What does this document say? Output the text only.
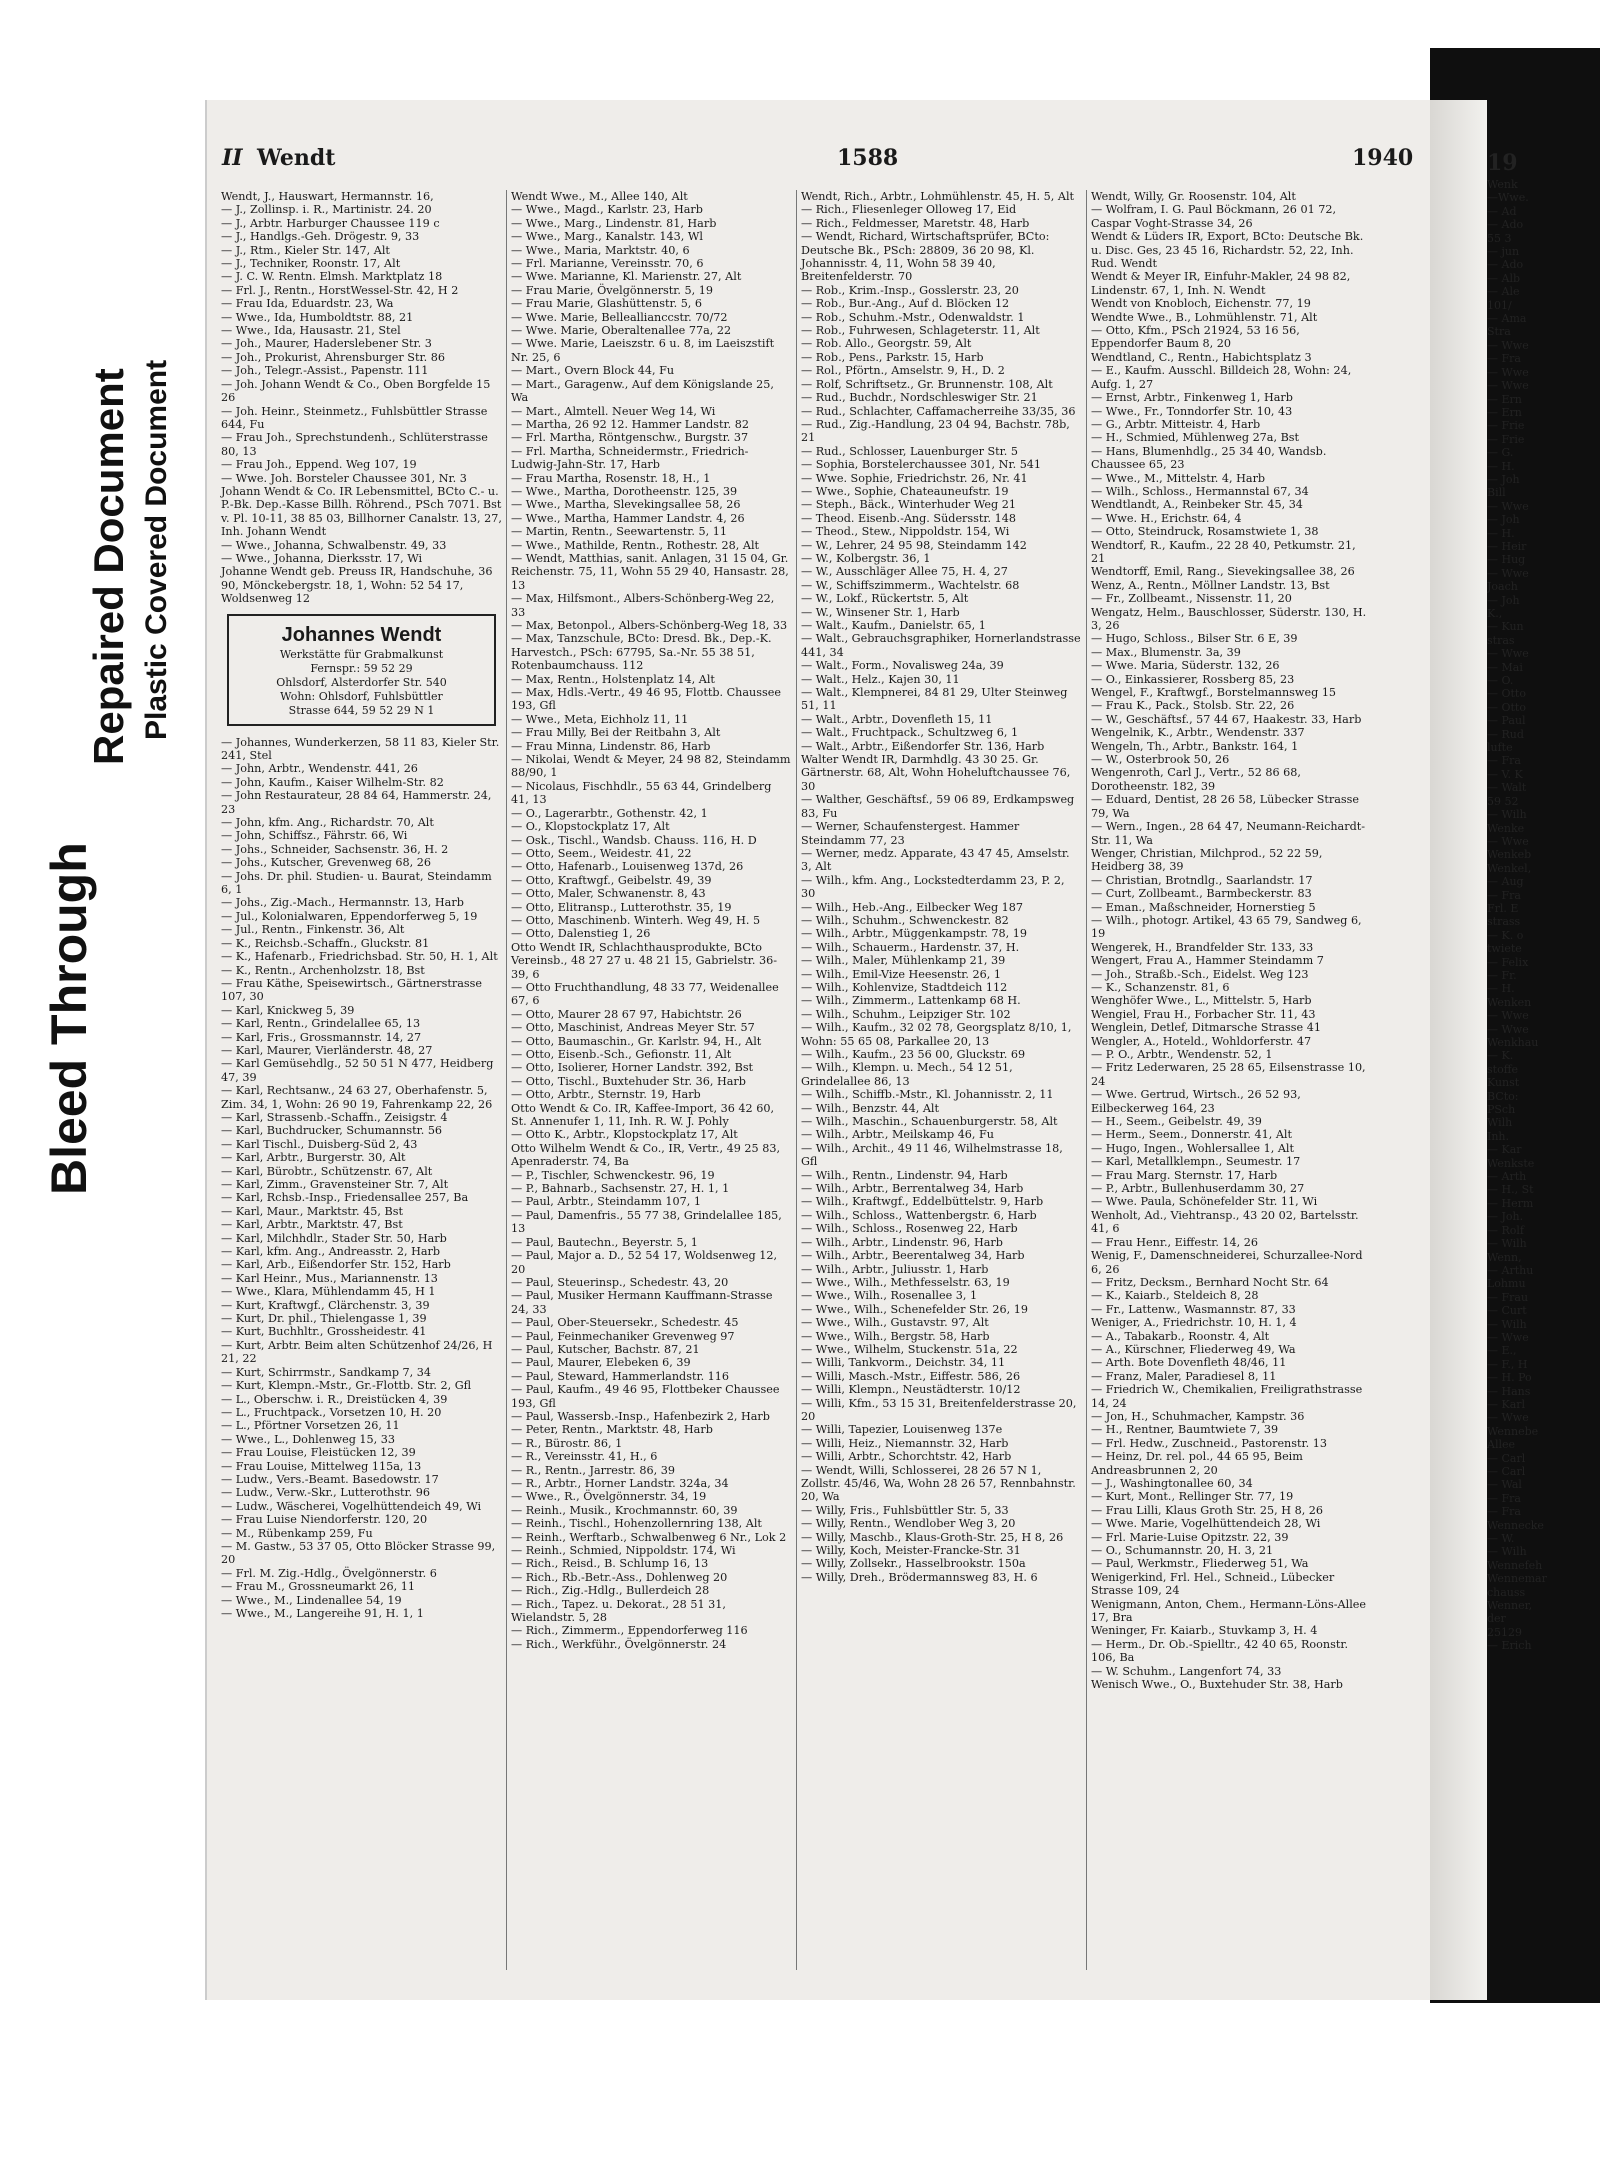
Bleed Through
Repaired Document Plastic Covered Document
II Wendt	1588	1940
Wendt, J., Hauswart, Hermannstr. 16,
— J., Zollinsp. i. R., Martinistr. 24. 20
— J., Arbtr. Harburger Chaussee 119 c
— J., Handlgs.-Geh. Drögestr. 9, 33
— J., Rtm., Kieler Str. 147, Alt
— J., Techniker, Roonstr. 17, Alt
— J. C. W. Rentn. Elmsh. Marktplatz 18
— Frl. J., Rentn., HorstWessel-Str. 42, H 2
— Frau Ida, Eduardstr. 23, Wa
— Wwe., Ida, Humboldtstr. 88, 21
— Wwe., Ida, Hausastr. 21, Stel
— Joh., Maurer, Haderslebener Str. 3
— Joh., Prokurist, Ahrensburger Str. 86
— Joh., Telegr.-Assist., Papenstr. 111
— Joh. Johann Wendt & Co., Oben Borgfelde 15 26
— Joh. Heinr., Steinmetz., Fuhlsbüttler Strasse 644, Fu
— Frau Joh., Sprechstundenh., Schlüterstrasse 80, 13
— Frau Joh., Eppend. Weg 107, 19
— Wwe. Joh. Borsteler Chaussee 301, Nr. 3
Johann Wendt & Co. IR Lebensmittel, BCto C.- u. P.-Bk. Dep.-Kasse Billh. Röhrend., PSch 7071. Bst v. Pl. 10-11, 38 85 03, Billhorner Canalstr. 13, 27, Inh. Johann Wendt
— Wwe., Johanna, Schwalbenstr. 49, 33
— Wwe., Johanna, Dierksstr. 17, Wi
Johanne Wendt geb. Preuss IR, Handschuhe, 36 90, Mönckebergstr. 18, 1, Wohn: 52 54 17, Woldsenweg 12
Johannes Wendt
Werkstätte für Grabmalkunst
Fernspr.: 59 52 29
Ohlsdorf, Alsterdorfer Str. 540
Wohn: Ohlsdorf, Fuhlsbüttler
Strasse 644, 59 52 29 N 1
— Johannes, Wunderkerzen, 58 11 83, Kieler Str. 241, Stel
— John, Arbtr., Wendenstr. 441, 26
— John, Kaufm., Kaiser Wilhelm-Str. 82
— John Restaurateur, 28 84 64, Hammerstr. 24, 23
— John, kfm. Ang., Richardstr. 70, Alt
— John, Schiffsz., Fährstr. 66, Wi
— Johs., Schneider, Sachsenstr. 36, H. 2
— Johs., Kutscher, Grevenweg 68, 26
— Johs. Dr. phil. Studien- u. Baurat, Steindamm 6, 1
— Johs., Zig.-Mach., Hermannstr. 13, Harb
— Jul., Kolonialwaren, Eppendorferweg 5, 19
— Jul., Rentn., Finkenstr. 36, Alt
— K., Reichsb.-Schaffn., Gluckstr. 81
— K., Hafenarb., Friedrichsbad. Str. 50, H. 1, Alt
— K., Rentn., Archenholzstr. 18, Bst
— Frau Käthe, Speisewirtsch., Gärtnerstrasse 107, 30
— Karl, Knickweg 5, 39
— Karl, Rentn., Grindelallee 65, 13
— Karl, Fris., Grossmannstr. 14, 27
— Karl, Maurer, Vierländerstr. 48, 27
— Karl Gemüsehdlg., 52 50 51 N 477, Heidberg 47, 39
— Karl, Rechtsanw., 24 63 27, Oberhafenstr. 5, Zim. 34, 1, Wohn: 26 90 19, Fahrenkamp 22, 26
— Karl, Strassenb.-Schaffn., Zeisigstr. 4
— Karl, Buchdrucker, Schumannstr. 56
— Karl Tischl., Duisberg-Süd 2, 43
— Karl, Arbtr., Burgerstr. 30, Alt
— Karl, Bürobtr., Schützenstr. 67, Alt
— Karl, Zimm., Gravensteiner Str. 7, Alt
— Karl, Rchsb.-Insp., Friedensallee 257, Ba
— Karl, Maur., Marktstr. 45, Bst
— Karl, Arbtr., Marktstr. 47, Bst
— Karl, Milchhdlr., Stader Str. 50, Harb
— Karl, kfm. Ang., Andreasstr. 2, Harb
— Karl, Arb., Eißendorfer Str. 152, Harb
— Karl Heinr., Mus., Mariannenstr. 13
— Wwe., Klara, Mühlendamm 45, H 1
— Kurt, Kraftwgf., Clärchenstr. 3, 39
— Kurt, Dr. phil., Thielengasse 1, 39
— Kurt, Buchhltr., Grossheidestr. 41
— Kurt, Arbtr. Beim alten Schützenhof 24/26, H 21, 22
— Kurt, Schirrmstr., Sandkamp 7, 34
— Kurt, Klempn.-Mstr., Gr.-Flottb. Str. 2, Gfl
— L., Oberschw. i. R., Dreistücken 4, 39
— L., Fruchtpack., Vorsetzen 10, H. 20
— L., Pförtner Vorsetzen 26, 11
— Wwe., L., Dohlenweg 15, 33
— Frau Louise, Fleistücken 12, 39
— Frau Louise, Mittelweg 115a, 13
— Ludw., Vers.-Beamt. Basedowstr. 17
— Ludw., Verw.-Skr., Lutterothstr. 96
— Ludw., Wäscherei, Vogelhüttendeich 49, Wi
— Frau Luise Niendorferstr. 120, 20
— M., Rübenkamp 259, Fu
— M. Gastw., 53 37 05, Otto Blöcker Strasse 99, 20
— Frl. M. Zig.-Hdlg., Övelgönnerstr. 6
— Frau M., Grossneumarkt 26, 11
— Wwe., M., Lindenallee 54, 19
— Wwe., M., Langereihe 91, H. 1, 1
Wendt Wwe., M., Allee 140, Alt
— Wwe., Magd., Karlstr. 23, Harb
— Wwe., Marg., Lindenstr. 81, Harb
— Wwe., Marg., Kanalstr. 143, Wl
— Wwe., Maria, Marktstr. 40, 6
— Frl. Marianne, Vereinsstr. 70, 6
— Wwe. Marianne, Kl. Marienstr. 27, Alt
— Frau Marie, Övelgönnerstr. 5, 19
— Frau Marie, Glashüttenstr. 5, 6
— Wwe. Marie, Belleallianccstr. 70/72
— Wwe. Marie, Oberaltenallee 77a, 22
— Wwe. Marie, Laeiszstr. 6 u. 8, im Laeiszstift Nr. 25, 6
— Mart., Overn Block 44, Fu
— Mart., Garagenw., Auf dem Königslande 25, Wa
— Mart., Almtell. Neuer Weg 14, Wi
— Martha, 26 92 12. Hammer Landstr. 82
— Frl. Martha, Röntgenschw., Burgstr. 37
— Frl. Martha, Schneidermstr., Friedrich-Ludwig-Jahn-Str. 17, Harb
— Frau Martha, Rosenstr. 18, H., 1
— Wwe., Martha, Dorotheenstr. 125, 39
— Wwe., Martha, Slevekingsallee 58, 26
— Wwe., Martha, Hammer Landstr. 4, 26
— Martin, Rentn., Seewartenstr. 5, 11
— Wwe., Mathilde, Rentn., Rothestr. 28, Alt
— Wendt, Matthias, sanit. Anlagen, 31 15 04, Gr. Reichenstr. 75, 11, Wohn 55 29 40, Hansastr. 28, 13
— Max, Hilfsmont., Albers-Schönberg-Weg 22, 33
— Max, Betonpol., Albers-Schönberg-Weg 18, 33
— Max, Tanzschule, BCto: Dresd. Bk., Dep.-K. Harvestch., PSch: 67795, Sa.-Nr. 55 38 51, Rotenbaumchauss. 112
— Max, Rentn., Holstenplatz 14, Alt
— Max, Hdls.-Vertr., 49 46 95, Flottb. Chaussee 193, Gfl
— Wwe., Meta, Eichholz 11, 11
— Frau Milly, Bei der Reitbahn 3, Alt
— Frau Minna, Lindenstr. 86, Harb
— Nikolai, Wendt & Meyer, 24 98 82, Steindamm 88/90, 1
— Nicolaus, Fischhdlr., 55 63 44, Grindelberg 41, 13
— O., Lagerarbtr., Gothenstr. 42, 1
— O., Klopstockplatz 17, Alt
— Osk., Tischl., Wandsb. Chauss. 116, H. D
— Otto, Seem., Weidestr. 41, 22
— Otto, Hafenarb., Louisenweg 137d, 26
— Otto, Kraftwgf., Geibelstr. 49, 39
— Otto, Maler, Schwanenstr. 8, 43
— Otto, Elitransp., Lutterothstr. 35, 19
— Otto, Maschinenb. Winterh. Weg 49, H. 5
— Otto, Dalenstieg 1, 26
Otto Wendt IR, Schlachthausprodukte, BCto Vereinsb., 48 27 27 u. 48 21 15, Gabrielstr. 36-39, 6
— Otto Fruchthandlung, 48 33 77, Weidenallee 67, 6
— Otto, Maurer 28 67 97, Habichtstr. 26
— Otto, Maschinist, Andreas Meyer Str. 57
— Otto, Baumaschin., Gr. Karlstr. 94, H., Alt
— Otto, Eisenb.-Sch., Gefionstr. 11, Alt
— Otto, Isolierer, Horner Landstr. 392, Bst
— Otto, Tischl., Buxtehuder Str. 36, Harb
— Otto, Arbtr., Sternstr. 19, Harb
Otto Wendt & Co. IR, Kaffee-Import, 36 42 60, St. Annenufer 1, 11, Inh. R. W. J. Pohly
— Otto K., Arbtr., Klopstockplatz 17, Alt
Otto Wilhelm Wendt & Co., IR, Vertr., 49 25 83, Apenraderstr. 74, Ba
— P., Tischler, Schwenckestr. 96, 19
— P., Bahnarb., Sachsenstr. 27, H. 1, 1
— Paul, Arbtr., Steindamm 107, 1
— Paul, Damenfris., 55 77 38, Grindelallee 185, 13
— Paul, Bautechn., Beyerstr. 5, 1
— Paul, Major a. D., 52 54 17, Woldsenweg 12, 20
— Paul, Steuerinsp., Schedestr. 43, 20
— Paul, Musiker Hermann Kauffmann-Strasse 24, 33
— Paul, Ober-Steuersekr., Schedestr. 45
— Paul, Feinmechaniker Grevenweg 97
— Paul, Kutscher, Bachstr. 87, 21
— Paul, Maurer, Elebeken 6, 39
— Paul, Steward, Hammerlandstr. 116
— Paul, Kaufm., 49 46 95, Flottbeker Chaussee 193, Gfl
— Paul, Wassersb.-Insp., Hafenbezirk 2, Harb
— Peter, Rentn., Marktstr. 48, Harb
— R., Bürostr. 86, 1
— R., Vereinsstr. 41, H., 6
— R., Rentn., Jarrestr. 86, 39
— R., Arbtr., Horner Landstr. 324a, 34
— Wwe., R., Övelgönnerstr. 34, 19
— Reinh., Musik., Krochmannstr. 60, 39
— Reinh., Tischl., Hohenzollernring 138, Alt
— Reinh., Werftarb., Schwalbenweg 6 Nr., Lok 2
— Reinh., Schmied, Nippoldstr. 174, Wi
— Rich., Reisd., B. Schlump 16, 13
— Rich., Rb.-Betr.-Ass., Dohlenweg 20
— Rich., Zig.-Hdlg., Bullerdeich 28
— Rich., Tapez. u. Dekorat., 28 51 31, Wielandstr. 5, 28
— Rich., Zimmerm., Eppendorferweg 116
— Rich., Werkführ., Övelgönnerstr. 24
Wendt, Rich., Arbtr., Lohmühlenstr. 45, H. 5, Alt
— Rich., Fliesenleger Olloweg 17, Eid
— Rich., Feldmesser, Maretstr. 48, Harb
— Wendt, Richard, Wirtschaftsprüfer, BCto: Deutsche Bk., PSch: 28809, 36 20 98, Kl. Johannisstr. 4, 11, Wohn 58 39 40, Breitenfelderstr. 70
— Rob., Krim.-Insp., Gosslerstr. 23, 20
— Rob., Bur.-Ang., Auf d. Blöcken 12
— Rob., Schuhm.-Mstr., Odenwaldstr. 1
— Rob., Fuhrwesen, Schlageterstr. 11, Alt
— Rob. Allo., Georgstr. 59, Alt
— Rob., Pens., Parkstr. 15, Harb
— Rol., Pförtn., Amselstr. 9, H., D. 2
— Rolf, Schriftsetz., Gr. Brunnenstr. 108, Alt
— Rud., Buchdr., Nordschleswiger Str. 21
— Rud., Schlachter, Caffamacherreihe 33/35, 36
— Rud., Zig.-Handlung, 23 04 94, Bachstr. 78b, 21
— Rud., Schlosser, Lauenburger Str. 5
— Sophia, Borstelerchaussee 301, Nr. 541
— Wwe. Sophie, Friedrichstr. 26, Nr. 41
— Wwe., Sophie, Chateauneufstr. 19
— Steph., Bäck., Winterhuder Weg 21
— Theod. Eisenb.-Ang. Südersstr. 148
— Theod., Stew., Nippoldstr. 154, Wi
— W., Lehrer, 24 95 98, Steindamm 142
— W., Kolbergstr. 36, 1
— W., Ausschläger Allee 75, H. 4, 27
— W., Schiffszimmerm., Wachtelstr. 68
— W., Lokf., Rückertstr. 5, Alt
— W., Winsener Str. 1, Harb
— Walt., Kaufm., Danielstr. 65, 1
— Walt., Gebrauchsgraphiker, Hornerlandstrasse 441, 34
— Walt., Form., Novalisweg 24a, 39
— Walt., Helz., Kajen 30, 11
— Walt., Klempnerei, 84 81 29, Ulter Steinweg 51, 11
— Walt., Arbtr., Dovenfleth 15, 11
— Walt., Fruchtpack., Schultzweg 6, 1
— Walt., Arbtr., Eißendorfer Str. 136, Harb
Walter Wendt IR, Darmhdlg. 43 30 25. Gr. Gärtnerstr. 68, Alt, Wohn Hoheluftchaussee 76, 30
— Walther, Geschäftsf., 59 06 89, Erdkampsweg 83, Fu
— Werner, Schaufenstergest. Hammer Steindamm 77, 23
— Werner, medz. Apparate, 43 47 45, Amselstr. 3, Alt
— Wilh., kfm. Ang., Lockstedterdamm 23, P. 2, 30
— Wilh., Heb.-Ang., Eilbecker Weg 187
— Wilh., Schuhm., Schwenckestr. 82
— Wilh., Arbtr., Müggenkampstr. 78, 19
— Wilh., Schauerm., Hardenstr. 37, H.
— Wilh., Maler, Mühlenkamp 21, 39
— Wilh., Emil-Vize Heesenstr. 26, 1
— Wilh., Kohlenvize, Stadtdeich 112
— Wilh., Zimmerm., Lattenkamp 68 H.
— Wilh., Schuhm., Leipziger Str. 102
— Wilh., Kaufm., 32 02 78, Georgsplatz 8/10, 1, Wohn: 55 65 08, Parkallee 20, 13
— Wilh., Kaufm., 23 56 00, Gluckstr. 69
— Wilh., Klempn. u. Mech., 54 12 51, Grindelallee 86, 13
— Wilh., Schiffb.-Mstr., Kl. Johannisstr. 2, 11
— Wilh., Benzstr. 44, Alt
— Wilh., Maschin., Schauenburgerstr. 58, Alt
— Wilh., Arbtr., Meilskamp 46, Fu
— Wilh., Archit., 49 11 46, Wilhelmstrasse 18, Gfl
— Wilh., Rentn., Lindenstr. 94, Harb
— Wilh., Arbtr., Berrentalweg 34, Harb
— Wilh., Kraftwgf., Eddelbüttelstr. 9, Harb
— Wilh., Schloss., Wattenbergstr. 6, Harb
— Wilh., Schloss., Rosenweg 22, Harb
— Wilh., Arbtr., Lindenstr. 96, Harb
— Wilh., Arbtr., Beerentalweg 34, Harb
— Wilh., Arbtr., Juliusstr. 1, Harb
— Wwe., Wilh., Methfesselstr. 63, 19
— Wwe., Wilh., Rosenallee 3, 1
— Wwe., Wilh., Schenefelder Str. 26, 19
— Wwe., Wilh., Gustavstr. 97, Alt
— Wwe., Wilh., Bergstr. 58, Harb
— Wwe., Wilhelm, Stuckenstr. 51a, 22
— Willi, Tankvorm., Deichstr. 34, 11
— Willi, Masch.-Mstr., Eiffestr. 586, 26
— Willi, Klempn., Neustädterstr. 10/12
— Willi, Kfm., 53 15 31, Breitenfelderstrasse 20, 20
— Willi, Tapezier, Louisenweg 137e
— Willi, Heiz., Niemannstr. 32, Harb
— Willi, Arbtr., Schorchtstr. 42, Harb
— Wendt, Willi, Schlosserei, 28 26 57 N 1, Zollstr. 45/46, Wa, Wohn 28 26 57, Rennbahnstr. 20, Wa
— Willy, Fris., Fuhlsbüttler Str. 5, 33
— Willy, Rentn., Wendlober Weg 3, 20
— Willy, Maschb., Klaus-Groth-Str. 25, H 8, 26
— Willy, Koch, Meister-Francke-Str. 31
— Willy, Zollsekr., Hasselbrookstr. 150a
— Willy, Dreh., Brödermannsweg 83, H. 6
Wendt, Willy, Gr. Roosenstr. 104, Alt
— Wolfram, I. G. Paul Böckmann, 26 01 72, Caspar Voght-Strasse 34, 26
Wendt & Lüders IR, Export, BCto: Deutsche Bk. u. Disc. Ges, 23 45 16, Richardstr. 52, 22, Inh. Rud. Wendt
Wendt & Meyer IR, Einfuhr-Makler, 24 98 82, Lindenstr. 67, 1, Inh. N. Wendt
Wendt von Knobloch, Eichenstr. 77, 19
Wendte Wwe., B., Lohmühlenstr. 71, Alt
— Otto, Kfm., PSch 21924, 53 16 56, Eppendorfer Baum 8, 20
Wendtland, C., Rentn., Habichtsplatz 3
— E., Kaufm. Ausschl. Billdeich 28, Wohn: 24, Aufg. 1, 27
— Ernst, Arbtr., Finkenweg 1, Harb
— Wwe., Fr., Tonndorfer Str. 10, 43
— G., Arbtr. Mitteistr. 4, Harb
— H., Schmied, Mühlenweg 27a, Bst
— Hans, Blumenhdlg., 25 34 40, Wandsb. Chaussee 65, 23
— Wwe., M., Mittelstr. 4, Harb
— Wilh., Schloss., Hermannstal 67, 34
Wendtlandt, A., Reinbeker Str. 45, 34
— Wwe. H., Erichstr. 64, 4
— Otto, Steindruck, Rosamstwiete 1, 38
Wendtorf, R., Kaufm., 22 28 40, Petkumstr. 21, 21
Wendtorff, Emil, Rang., Sievekingsallee 38, 26
Wenz, A., Rentn., Möllner Landstr. 13, Bst
— Fr., Zollbeamt., Nissenstr. 11, 20
Wengatz, Helm., Bauschlosser, Süderstr. 130, H. 3, 26
— Hugo, Schloss., Bilser Str. 6 E, 39
— Max., Blumenstr. 3a, 39
— Wwe. Maria, Süderstr. 132, 26
— O., Einkassierer, Rossberg 85, 23
Wengel, F., Kraftwgf., Borstelmannsweg 15
— Frau K., Pack., Stolsb. Str. 22, 26
— W., Geschäftsf., 57 44 67, Haakestr. 33, Harb
Wengelnik, K., Arbtr., Wendenstr. 337
Wengeln, Th., Arbtr., Bankstr. 164, 1
— W., Osterbrook 50, 26
Wengenroth, Carl J., Vertr., 52 86 68, Dorotheenstr. 182, 39
— Eduard, Dentist, 28 26 58, Lübecker Strasse 79, Wa
— Wern., Ingen., 28 64 47, Neumann-Reichardt-Str. 11, Wa
Wenger, Christian, Milchprod., 52 22 59, Heidberg 38, 39
— Christian, Brotndlg., Saarlandstr. 17
— Curt, Zollbeamt., Barmbeckerstr. 83
— Eman., Maßschneider, Hornerstieg 5
— Wilh., photogr. Artikel, 43 65 79, Sandweg 6, 19
Wengerek, H., Brandfelder Str. 133, 33
Wengert, Frau A., Hammer Steindamm 7
— Joh., Straßb.-Sch., Eidelst. Weg 123
— K., Schanzenstr. 81, 6
Wenghöfer Wwe., L., Mittelstr. 5, Harb
Wengiel, Frau H., Forbacher Str. 11, 43
Wenglein, Detlef, Ditmarsche Strasse 41
Wengler, A., Hoteld., Wohldorferstr. 47
— P. O., Arbtr., Wendenstr. 52, 1
— Fritz Lederwaren, 25 28 65, Eilsenstrasse 10, 24
— Wwe. Gertrud, Wirtsch., 26 52 93, Eilbeckerweg 164, 23
— H., Seem., Geibelstr. 49, 39
— Herm., Seem., Donnerstr. 41, Alt
— Hugo, Ingen., Wohlersallee 1, Alt
— Karl, Metallklempn., Seumestr. 17
— Frau Marg. Sternstr. 17, Harb
— P., Arbtr., Bullenhuserdamm 30, 27
— Wwe. Paula, Schönefelder Str. 11, Wi
Wenholt, Ad., Viehtransp., 43 20 02, Bartelsstr. 41, 6
— Frau Henr., Eiffestr. 14, 26
Wenig, F., Damenschneiderei, Schurzallee-Nord 6, 26
— Fritz, Decksm., Bernhard Nocht Str. 64
— K., Kaiarb., Steldeich 8, 28
— Fr., Lattenw., Wasmannstr. 87, 33
Weniger, A., Friedrichstr. 10, H. 1, 4
— A., Tabakarb., Roonstr. 4, Alt
— A., Kürschner, Fliederweg 49, Wa
— Arth. Bote Dovenfleth 48/46, 11
— Franz, Maler, Paradiesel 8, 11
— Friedrich W., Chemikalien, Freiligrathstrasse 14, 24
— Jon, H., Schuhmacher, Kampstr. 36
— H., Rentner, Baumtwiete 7, 39
— Frl. Hedw., Zuschneid., Pastorenstr. 13
— Heinz, Dr. rel. pol., 44 65 95, Beim Andreasbrunnen 2, 20
— J., Washingtonallee 60, 34
— Kurt, Mont., Rellinger Str. 77, 19
— Frau Lilli, Klaus Groth Str. 25, H 8, 26
— Wwe. Marie, Vogelhüttendeich 28, Wi
— Frl. Marie-Luise Opitzstr. 22, 39
— O., Schumannstr. 20, H. 3, 21
— Paul, Werkmstr., Fliederweg 51, Wa
Wenigerkind, Frl. Hel., Schneid., Lübecker Strasse 109, 24
Wenigmann, Anton, Chem., Hermann-Löns-Allee 17, Bra
Weninger, Fr. Kaiarb., Stuvkamp 3, H. 4
— Herm., Dr. Ob.-Spielltr., 42 40 65, Roonstr. 106, Ba
— W. Schuhm., Langenfort 74, 33
Wenisch Wwe., O., Buxtehuder Str. 38, Harb
19
Wenk
—Wwe.
— Ad
— Ado
55 3
— jun
— Ado
— Alb
— Ale
101/
— Ama
Stra
— Wwe
— Fra
— Wwe
— Wwe
— Ern
— Ern
— Frie
— Frie
— G.
— H.
— Joh
Bill
— Wwe
— Joh
— H.
— Heir
— Hug
— Wwe
Joach
— Joh
K.,
— Kun
stras
— Wwe
— Mai
— O.
— Otto
— Otto
— Paul
— Rud
lufte
— Fra
— V. K
— Walt
59 52
— Wilh
Wenke
— Wwe
Wenkeb
Wenkel,
— Aug
— Fra
Frl. E
strass
— K. o
twiete
— Felix
— Fr.
— H.
Wenken
— Wwe
— Wwe
Wenkhau
— K.
stoffe
Kunst
BCto:
PSch
Wilh
Inh.
— Kar
Wenkste
— Arth
— H., St
— Herm
— Joh.
— Rolf
— Wilh
Wenn,
— Arthu
Lohmu
— Frau
— Curt
— Wilh
— Wwe
— E.,
— F., H
— H. Po
— Hans
— Karl
— Wwe
Wennebe
Allee
— Carl
— Carl
— Wal
— Fra
— Fra
Wennecke
— W.
— Wilh
Wennefeh
Wennemar
chauss
Wenner,
der
25129
— Erich
